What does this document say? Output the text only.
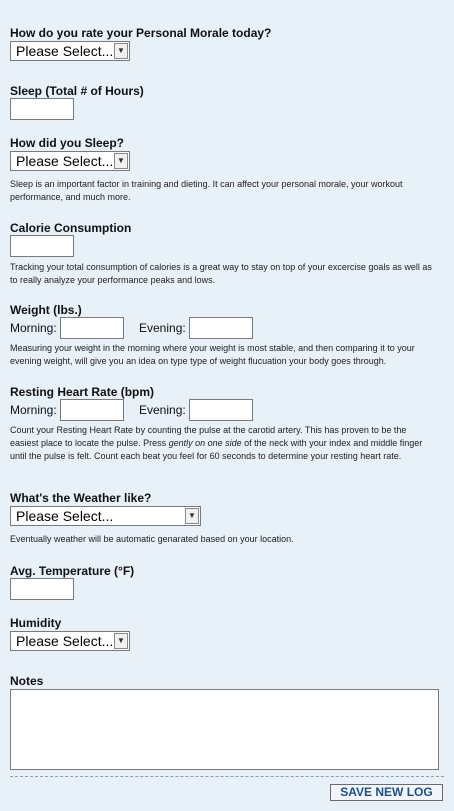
How do you rate your Personal Morale today?
Please Select... ▼
Sleep (Total # of Hours)
How did you Sleep?
Please Select... ▼
Sleep is an important factor in training and dieting. It can affect your personal morale, your workout performance, and much more.
Calorie Consumption
Tracking your total consumption of calories is a great way to stay on top of your excercise goals as well as to really analyze your performance peaks and lows.
Weight (lbs.)
Morning:	Evening:
Measuring your weight in the morning where your weight is most stable, and then comparing it to your evening weight, will give you an idea on type type of weight flucuation your body goes through.
Resting Heart Rate (bpm)
Morning:	Evening:
Count your Resting Heart Rate by counting the pulse at the carotid artery. This has proven to be the easiest place to locate the pulse. Press gently on one side of the neck with your index and middle finger until the pulse is felt. Count each beat you feel for 60 seconds to determine your resting heart rate.
What's the Weather like?
Please Select...	▼
Eventually weather will be automatic genarated based on your location.
Avg. Temperature (°F)
Humidity
Please Select... ▼
Notes
SAVE NEW LOG
